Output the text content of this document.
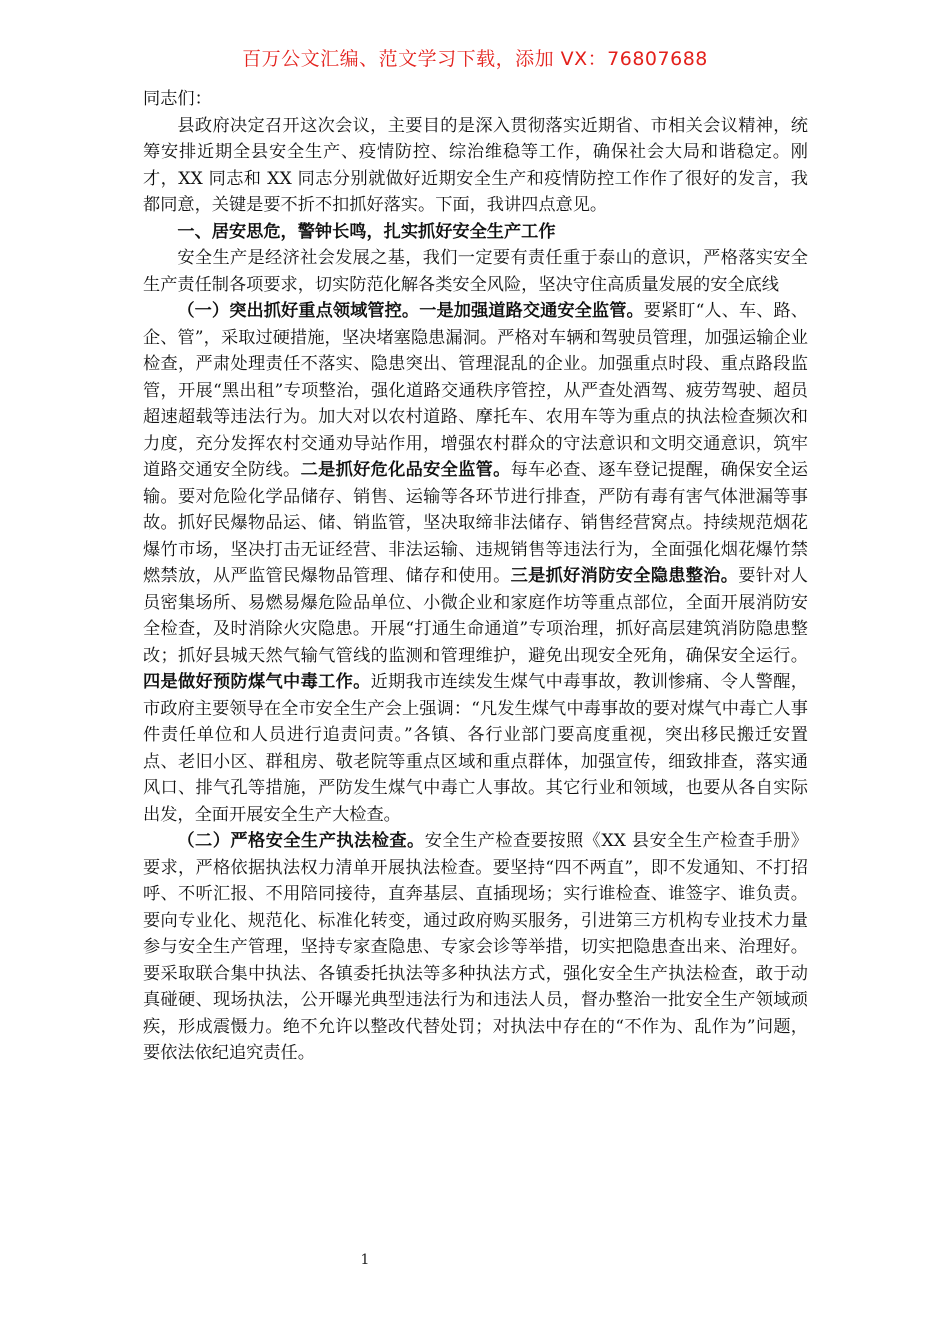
百万公文汇编、范文学习下载，添加 VX：76807688

同志们：

县政府决定召开这次会议，主要目的是深入贯彻落实近期省、市相关会议精神，统筹安排近期全县安全生产、疫情防控、综治维稳等工作，确保社会大局和谐稳定。刚才，XX 同志和 XX 同志分别就做好近期安全生产和疫情防控工作作了很好的发言，我都同意，关键是要不折不扣抓好落实。下面，我讲四点意见。

一、居安思危，警钟长鸣，扎实抓好安全生产工作

安全生产是经济社会发展之基，我们一定要有责任重于泰山的意识，严格落实安全生产责任制各项要求，切实防范化解各类安全风险，坚决守住高质量发展的安全底线

（一）突出抓好重点领域管控。一是加强道路交通安全监管。要紧盯“人、车、路、企、管”，采取过硬措施，坚决堵塞隐患漏洞。严格对车辆和驾驶员管理，加强运输企业检查，严肃处理责任不落实、隐患突出、管理混乱的企业。加强重点时段、重点路段监管，开展“黑出租”专项整治，强化道路交通秩序管控，从严查处酒驾、疲劳驾驶、超员超速超载等违法行为。加大对以农村道路、摩托车、农用车等为重点的执法检查频次和力度，充分发挥农村交通劝导站作用，增强农村群众的守法意识和文明交通意识，筑牢道路交通安全防线。二是抓好危化品安全监管。每车必查、逐车登记提醒，确保安全运输。要对危险化学品储存、销售、运输等各环节进行排查，严防有毒有害气体泄漏等事故。抓好民爆物品运、储、销监管，坚决取缔非法储存、销售经营窝点。持续规范烟花爆竹市场，坚决打击无证经营、非法运输、违规销售等违法行为，全面强化烟花爆竹禁燃禁放，从严监管民爆物品管理、储存和使用。三是抓好消防安全隐患整治。要针对人员密集场所、易燃易爆危险品单位、小微企业和家庭作坊等重点部位，全面开展消防安全检查，及时消除火灾隐患。开展“打通生命通道”专项治理，抓好高层建筑消防隐患整改；抓好县城天然气输气管线的监测和管理维护，避免出现安全死角，确保安全运行。四是做好预防煤气中毒工作。近期我市连续发生煤气中毒事故，教训惨痛、令人警醒，市政府主要领导在全市安全生产会上强调：“凡发生煤气中毒事故的要对煤气中毒亡人事件责任单位和人员进行追责问责。”各镇、各行业部门要高度重视，突出移民搬迁安置点、老旧小区、群租房、敬老院等重点区域和重点群体，加强宣传，细致排查，落实通风口、排气孔等措施，严防发生煤气中毒亡人事故。其它行业和领域，也要从各自实际出发，全面开展安全生产大检查。

（二）严格安全生产执法检查。安全生产检查要按照《XX 县安全生产检查手册》要求，严格依据执法权力清单开展执法检查。要坚持“四不两直”，即不发通知、不打招呼、不听汇报、不用陪同接待，直奔基层、直插现场；实行谁检查、谁签字、谁负责。要向专业化、规范化、标准化转变，通过政府购买服务，引进第三方机构专业技术力量参与安全生产管理，坚持专家查隐患、专家会诊等举措，切实把隐患查出来、治理好。要采取联合集中执法、各镇委托执法等多种执法方式，强化安全生产执法检查，敢于动真碰硬、现场执法，公开曝光典型违法行为和违法人员，督办整治一批安全生产领域顽疾，形成震慑力。绝不允许以整改代替处罚；对执法中存在的“不作为、乱作为”问题，要依法依纪追究责任。

1
